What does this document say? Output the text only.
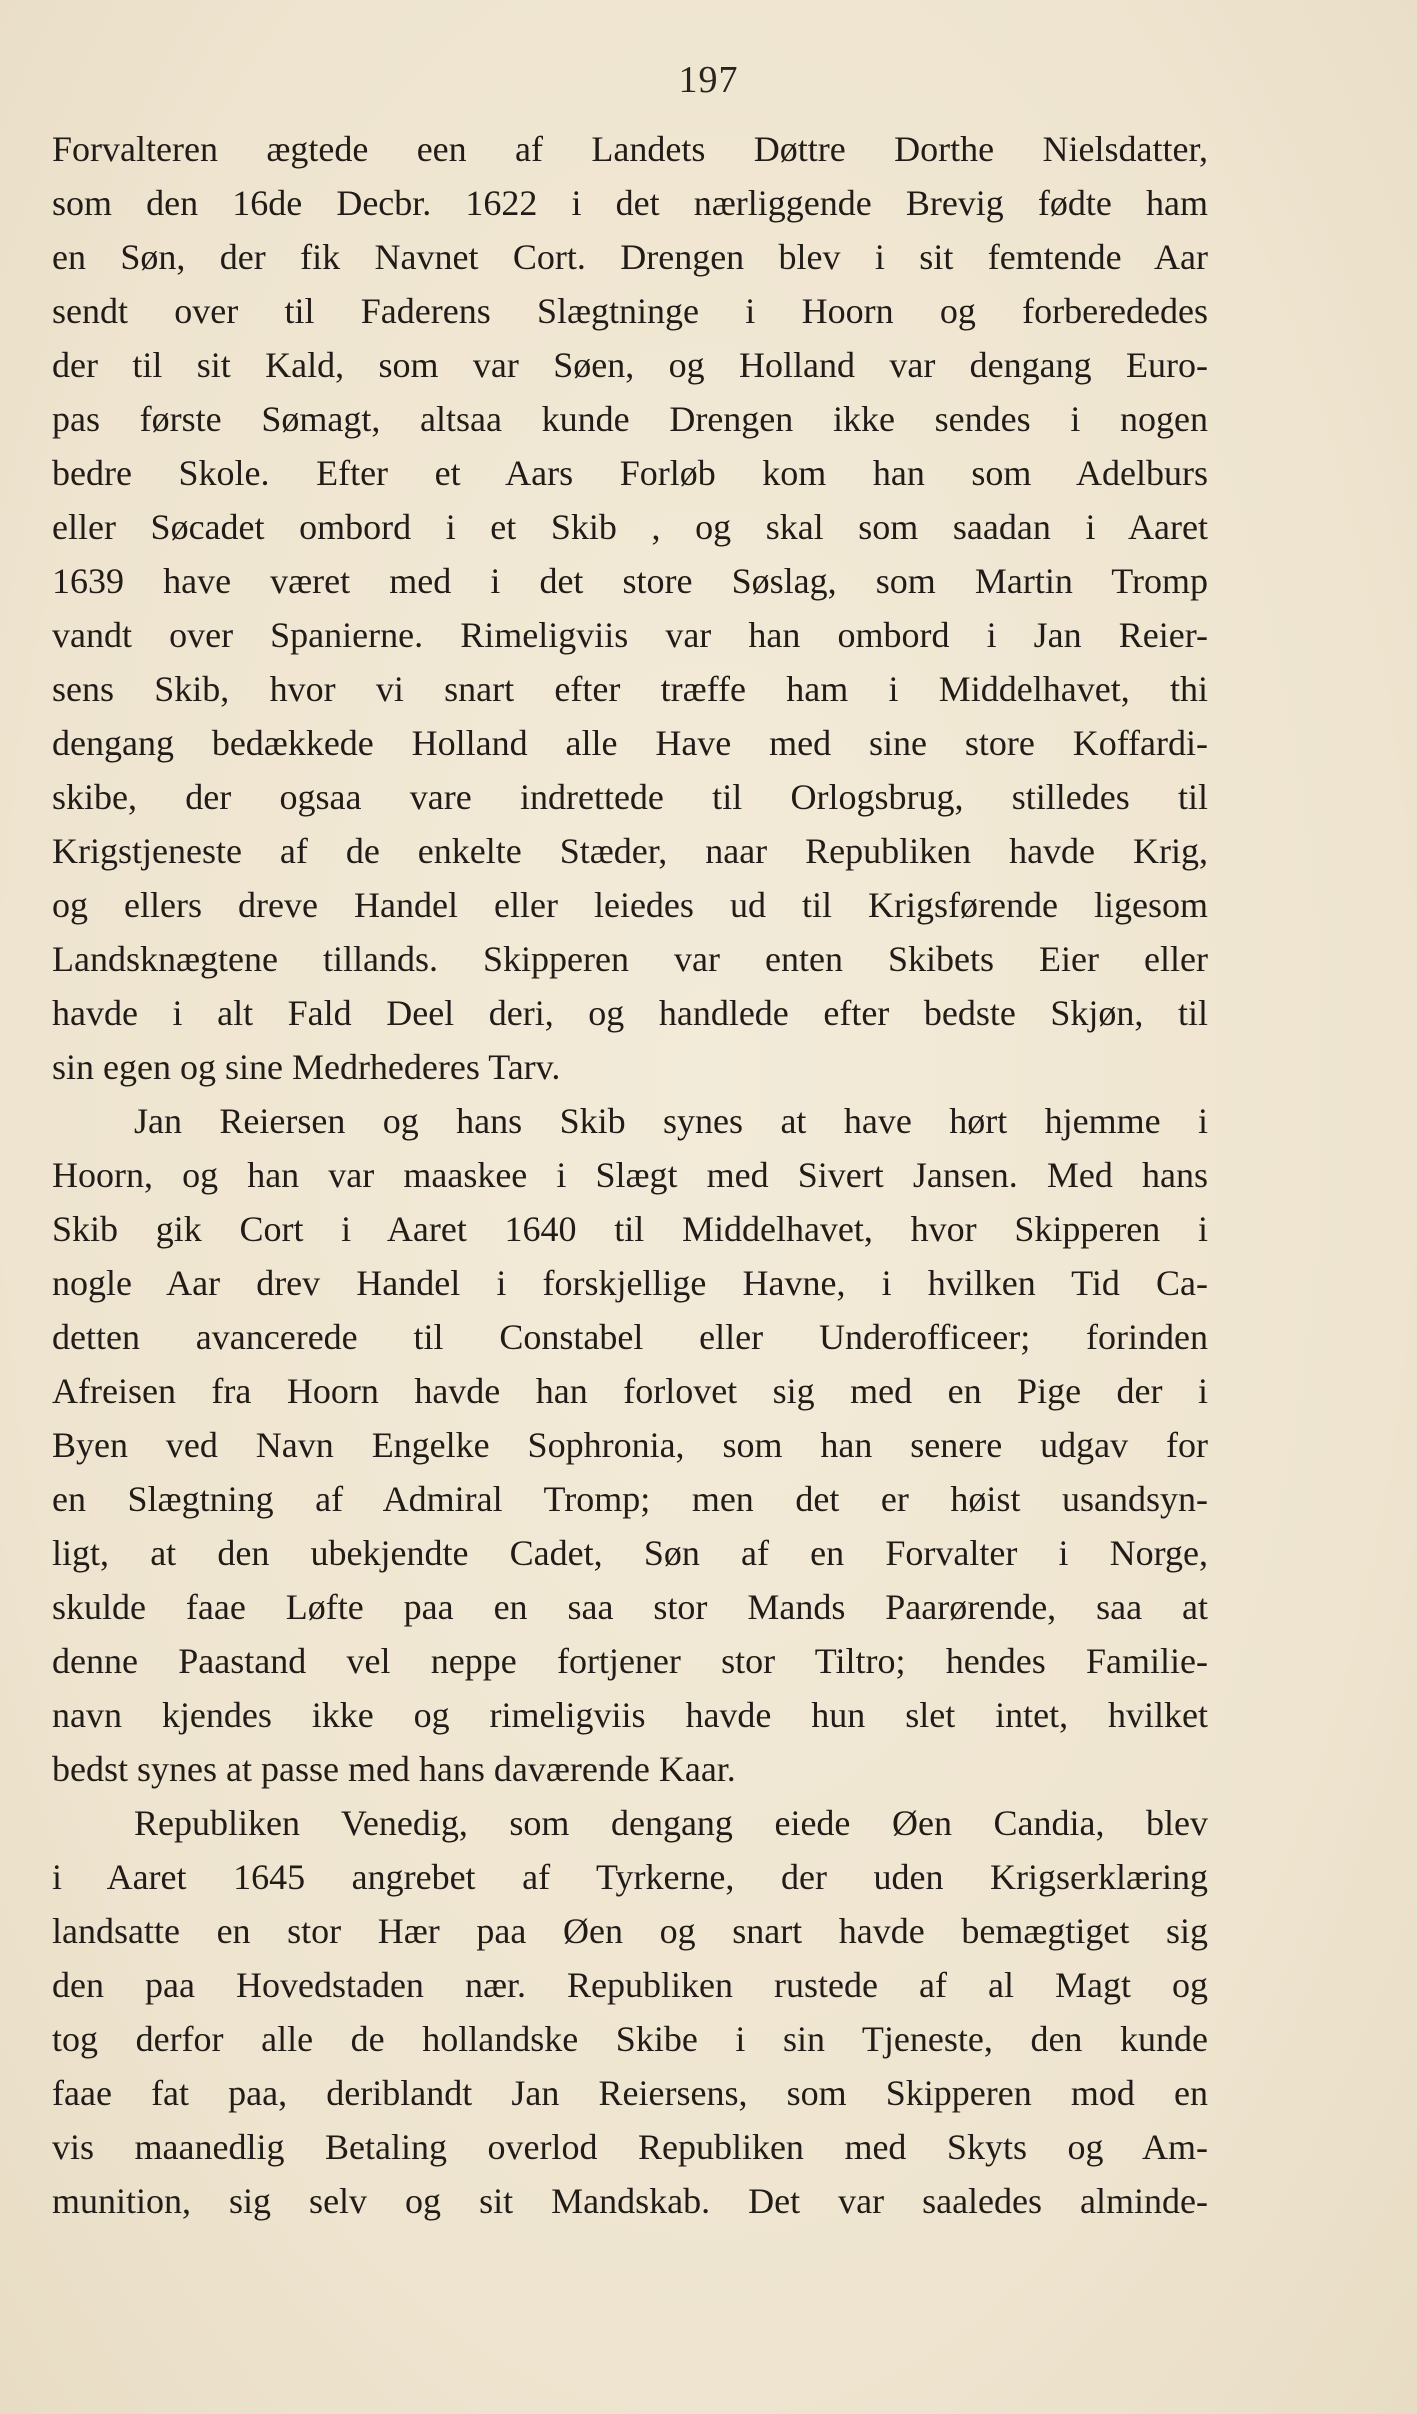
197
Forvalteren ægtede een af Landets Døttre Dorthe Nielsdatter,
som den 16de Decbr. 1622 i det nærliggende Brevig fødte ham
en Søn, der fik Navnet Cort. Drengen blev i sit femtende Aar
sendt over til Faderens Slægtninge i Hoorn og forberededes
der til sit Kald, som var Søen, og Holland var dengang Euro-
pas første Sømagt, altsaa kunde Drengen ikke sendes i nogen
bedre Skole. Efter et Aars Forløb kom han som Adelburs
eller Søcadet ombord i et Skib , og skal som saadan i Aaret
1639 have været med i det store Søslag, som Martin Tromp
vandt over Spanierne. Rimeligviis var han ombord i Jan Reier-
sens Skib, hvor vi snart efter træffe ham i Middelhavet, thi
dengang bedækkede Holland alle Have med sine store Koffardi-
skibe, der ogsaa vare indrettede til Orlogsbrug, stilledes til
Krigstjeneste af de enkelte Stæder, naar Republiken havde Krig,
og ellers dreve Handel eller leiedes ud til Krigsførende ligesom
Landsknægtene tillands. Skipperen var enten Skibets Eier eller
havde i alt Fald Deel deri, og handlede efter bedste Skjøn, til
sin egen og sine Medrhederes Tarv.
Jan Reiersen og hans Skib synes at have hørt hjemme i
Hoorn, og han var maaskee i Slægt med Sivert Jansen. Med hans
Skib gik Cort i Aaret 1640 til Middelhavet, hvor Skipperen i
nogle Aar drev Handel i forskjellige Havne, i hvilken Tid Ca-
detten avancerede til Constabel eller Underofficeer; forinden
Afreisen fra Hoorn havde han forlovet sig med en Pige der i
Byen ved Navn Engelke Sophronia, som han senere udgav for
en Slægtning af Admiral Tromp; men det er høist usandsyn-
ligt, at den ubekjendte Cadet, Søn af en Forvalter i Norge,
skulde faae Løfte paa en saa stor Mands Paarørende, saa at
denne Paastand vel neppe fortjener stor Tiltro; hendes Familie-
navn kjendes ikke og rimeligviis havde hun slet intet, hvilket
bedst synes at passe med hans daværende Kaar.
Republiken Venedig, som dengang eiede Øen Candia, blev
i Aaret 1645 angrebet af Tyrkerne, der uden Krigserklæring
landsatte en stor Hær paa Øen og snart havde bemægtiget sig
den paa Hovedstaden nær. Republiken rustede af al Magt og
tog derfor alle de hollandske Skibe i sin Tjeneste, den kunde
faae fat paa, deriblandt Jan Reiersens, som Skipperen mod en
vis maanedlig Betaling overlod Republiken med Skyts og Am-
munition, sig selv og sit Mandskab. Det var saaledes alminde-
